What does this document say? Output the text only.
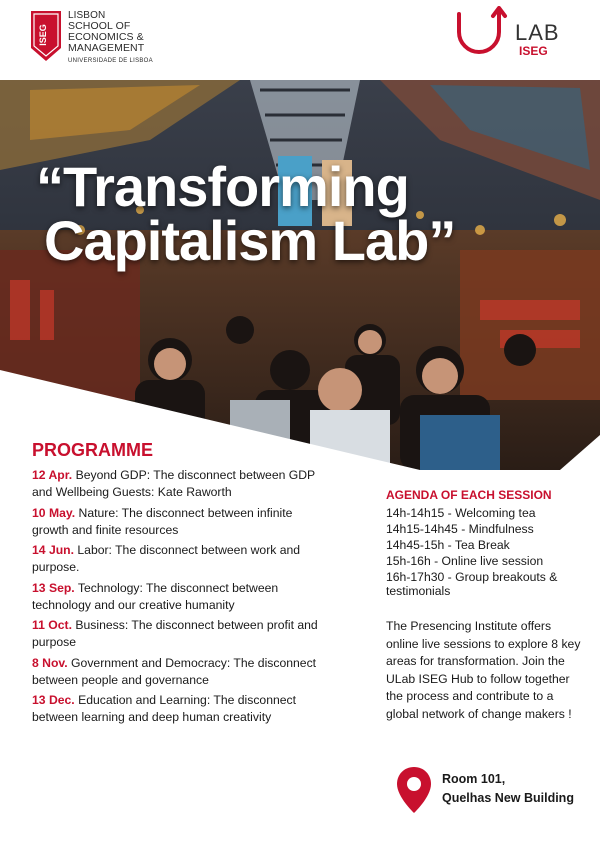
ISEG
LISBON
SCHOOL OF
ECONOMICS &
MANAGEMENT
UNIVERSIDADE DE LISBOA
LAB
ISEG
“Transforming
Capitalism Lab”
PROGRAMME
12 Apr. Beyond GDP: The disconnect between GDP and Wellbeing Guests: Kate Raworth
10 May. Nature: The disconnect between infinite growth and finite resources
14 Jun. Labor: The disconnect between work and purpose.
13 Sep. Technology: The disconnect between technology and our creative humanity
11 Oct. Business: The disconnect between profit and purpose
8 Nov. Government and Democracy: The disconnect between people and governance
13 Dec. Education and Learning: The disconnect between learning and deep human creativity
AGENDA OF EACH SESSION
14h-14h15 - Welcoming tea
14h15-14h45 - Mindfulness
14h45-15h - Tea Break
15h-16h - Online live session
16h-17h30 - Group breakouts & testimonials
The Presencing Institute offers online live sessions to explore 8 key areas for transformation. Join the ULab ISEG Hub to follow together the process and contribute to a global network of change makers !
Room 101,
Quelhas New Building
